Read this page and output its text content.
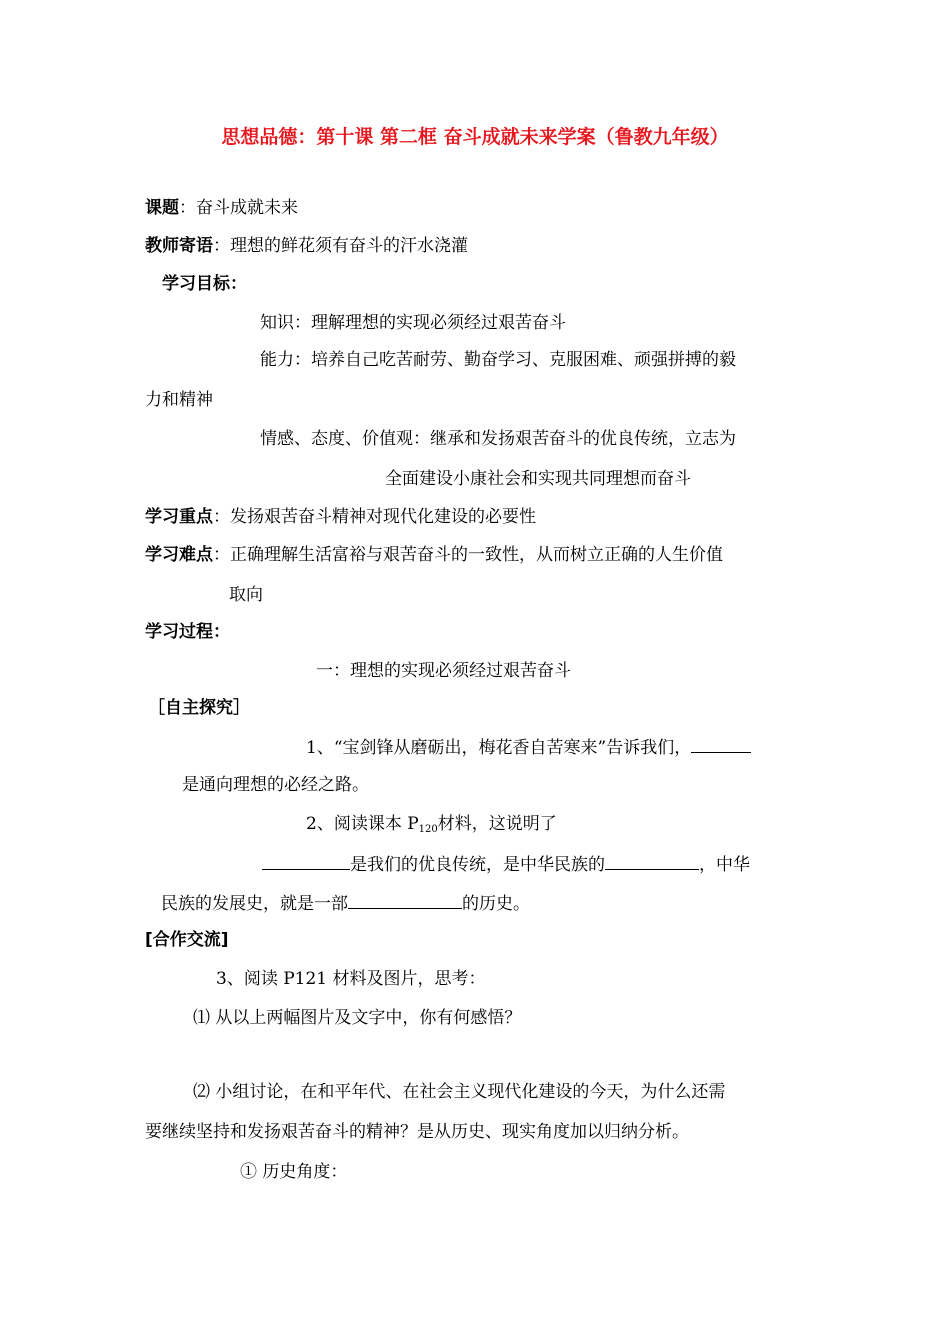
思想品德：第十课 第二框 奋斗成就未来学案（鲁教九年级）
课题：奋斗成就未来
教师寄语：理想的鲜花须有奋斗的汗水浇灌
学习目标：
知识：理解理想的实现必须经过艰苦奋斗
能力：培养自己吃苦耐劳、勤奋学习、克服困难、顽强拼搏的毅
力和精神
情感、态度、价值观：继承和发扬艰苦奋斗的优良传统，立志为
全面建设小康社会和实现共同理想而奋斗
学习重点：发扬艰苦奋斗精神对现代化建设的必要性
学习难点：正确理解生活富裕与艰苦奋斗的一致性，从而树立正确的人生价值
取向
学习过程：
一：理想的实现必须经过艰苦奋斗
［自主探究］
1、“宝剑锋从磨砺出，梅花香自苦寒来”告诉我们，
是通向理想的必经之路。
2、阅读课本 $P_{120}$材料，这说明了
是我们的优良传统，是中华民族的	，中华
民族的发展史，就是一部	的历史。
[合作交流]
3、阅读 P121 材料及图片，思考：
⑴ 从以上两幅图片及文字中，你有何感悟？
⑵ 小组讨论，在和平年代、在社会主义现代化建设的今天，为什么还需
要继续坚持和发扬艰苦奋斗的精神？是从历史、现实角度加以归纳分析。
① 历史角度：
